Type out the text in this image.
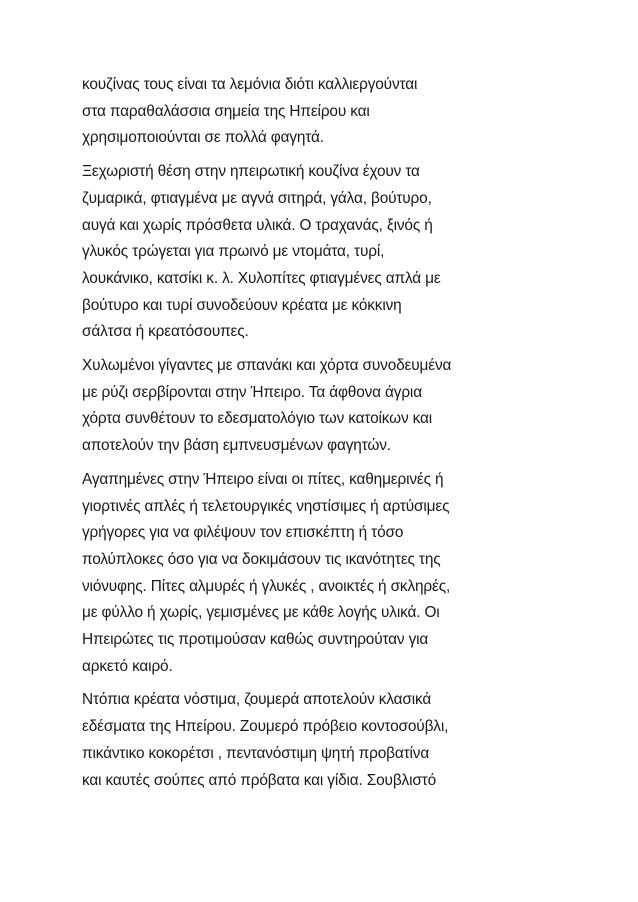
κουζίνας τους είναι τα λεμόνια διότι καλλιεργούνται
στα παραθαλάσσια σημεία της Ηπείρου και
χρησιμοποιούνται σε πολλά φαγητά.

Ξεχωριστή θέση στην ηπειρωτική κουζίνα έχουν τα
ζυμαρικά, φτιαγμένα με αγνά σιτηρά, γάλα, βούτυρο,
αυγά και χωρίς πρόσθετα υλικά. Ο τραχανάς, ξινός ή
γλυκός τρώγεται για πρωινό με ντομάτα, τυρί,
λουκάνικο, κατσίκι κ. λ. Χυλοπίτες φτιαγμένες απλά με
βούτυρο και τυρί συνοδεύουν κρέατα με κόκκινη
σάλτσα ή κρεατόσουπες.

Χυλωμένοι γίγαντες με σπανάκι και χόρτα συνοδευμένα
με ρύζι σερβίρονται στην Ήπειρο. Τα άφθονα άγρια
χόρτα συνθέτουν το εδεσματολόγιο των κατοίκων και
αποτελούν την βάση εμπνευσμένων φαγητών.

Αγαπημένες στην Ήπειρο είναι οι πίτες, καθημερινές ή
γιορτινές απλές ή τελετουργικές νηστίσιμες ή αρτύσιμες
γρήγορες για να φιλέψουν τον επισκέπτη ή τόσο
πολύπλοκες όσο για να δοκιμάσουν τις ικανότητες της
νιόνυφης. Πίτες αλμυρές ή γλυκές , ανοικτές ή σκληρές,
με φύλλο ή χωρίς, γεμισμένες με κάθε λογής υλικά. Οι
Ηπειρώτες τις προτιμούσαν καθώς συντηρούταν για
αρκετό καιρό.

Ντόπια κρέατα νόστιμα, ζουμερά αποτελούν κλασικά
εδέσματα της Ηπείρου. Ζουμερό πρόβειο κοντοσούβλι,
πικάντικο κοκορέτσι , πεντανόστιμη ψητή προβατίνα
και καυτές σούπες από πρόβατα και γίδια. Σουβλιστό
